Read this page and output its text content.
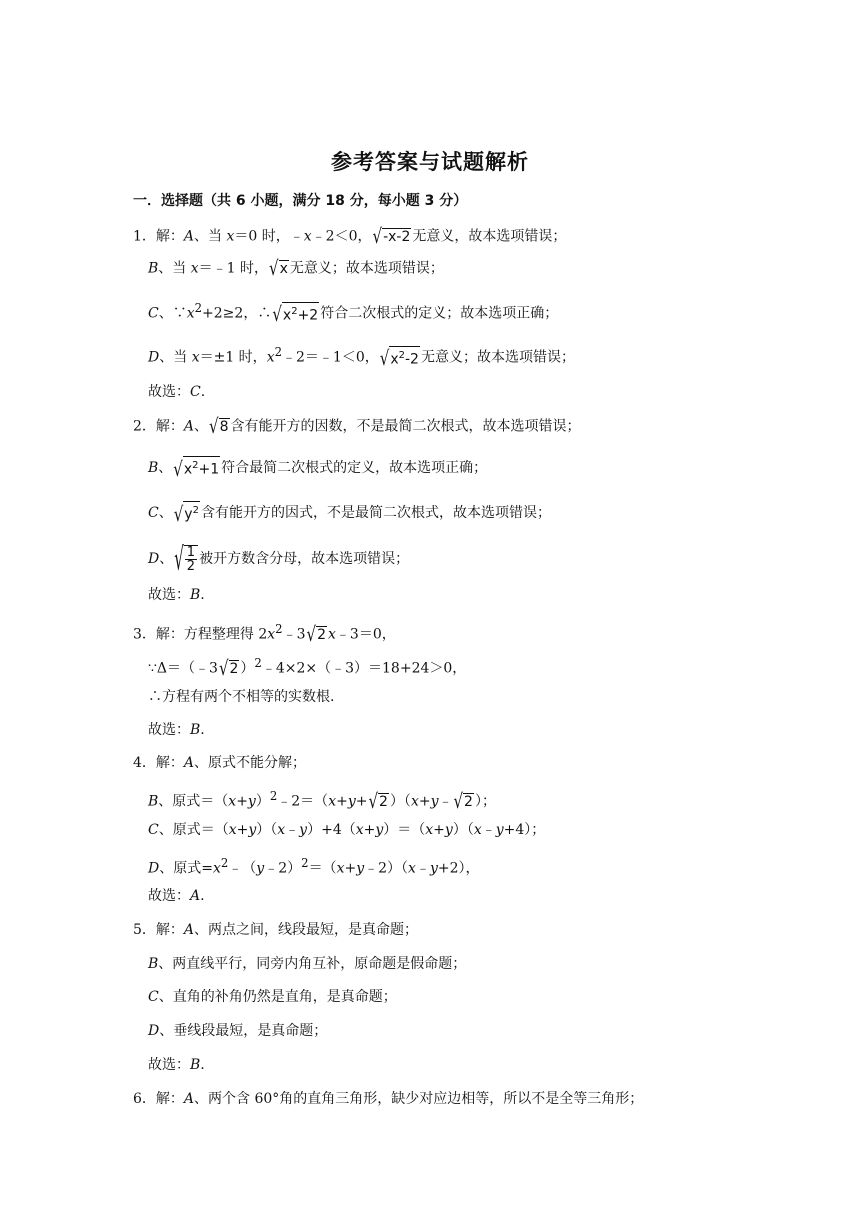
参考答案与试题解析
一．选择题（共 6 小题，满分 18 分，每小题 3 分）
1．解：A、当 x＝0 时，﹣x﹣2＜0，√-x-2 无意义，故本选项错误；
B、当 x＝﹣1 时，√x 无意义；故本选项错误；
C、$\because x^2+2\ge 2$，$\therefore√x^2+2$ 符合二次根式的定义；故本选项正确；
D、当 x＝±1 时，$x^2﹣2=﹣1<0$，$√x^2-2$ 无意义；故本选项错误；
故选：C.
2．解：A、√8 含有能开方的因数，不是最简二次根式，故本选项错误；
B、$√x^2+1$ 符合最简二次根式的定义，故本选项正确；
C、$√y^2$ 含有能开方的因式，不是最简二次根式，故本选项错误；
D、√ $\frac{1}{2}$ 被开方数含分母，故本选项错误；
故选：B.
3．解：方程整理得 $2x^2﹣3√2$ x﹣3＝0，
∵Δ＝（﹣3√2 ）$^2$﹣4×2×（﹣3）＝18+24＞0，
∴方程有两个不相等的实数根.
故选：B.
4．解：A、原式不能分解；
B、原式$=(x+y)^2﹣2=(x+y+√2$ ）（x+y﹣√2 ）；
C、原式＝（x+y）（x﹣y）+4（x+y）＝（x+y）（x﹣y+4）；
D、原式$=x^2﹣(y﹣2)^2=(x+y﹣2)(x﹣y+2)$，
故选：A.
5．解：A、两点之间，线段最短，是真命题；
B、两直线平行，同旁内角互补，原命题是假命题；
C、直角的补角仍然是直角，是真命题；
D、垂线段最短，是真命题；
故选：B.
6．解：A、两个含 60°角的直角三角形，缺少对应边相等，所以不是全等三角形；
